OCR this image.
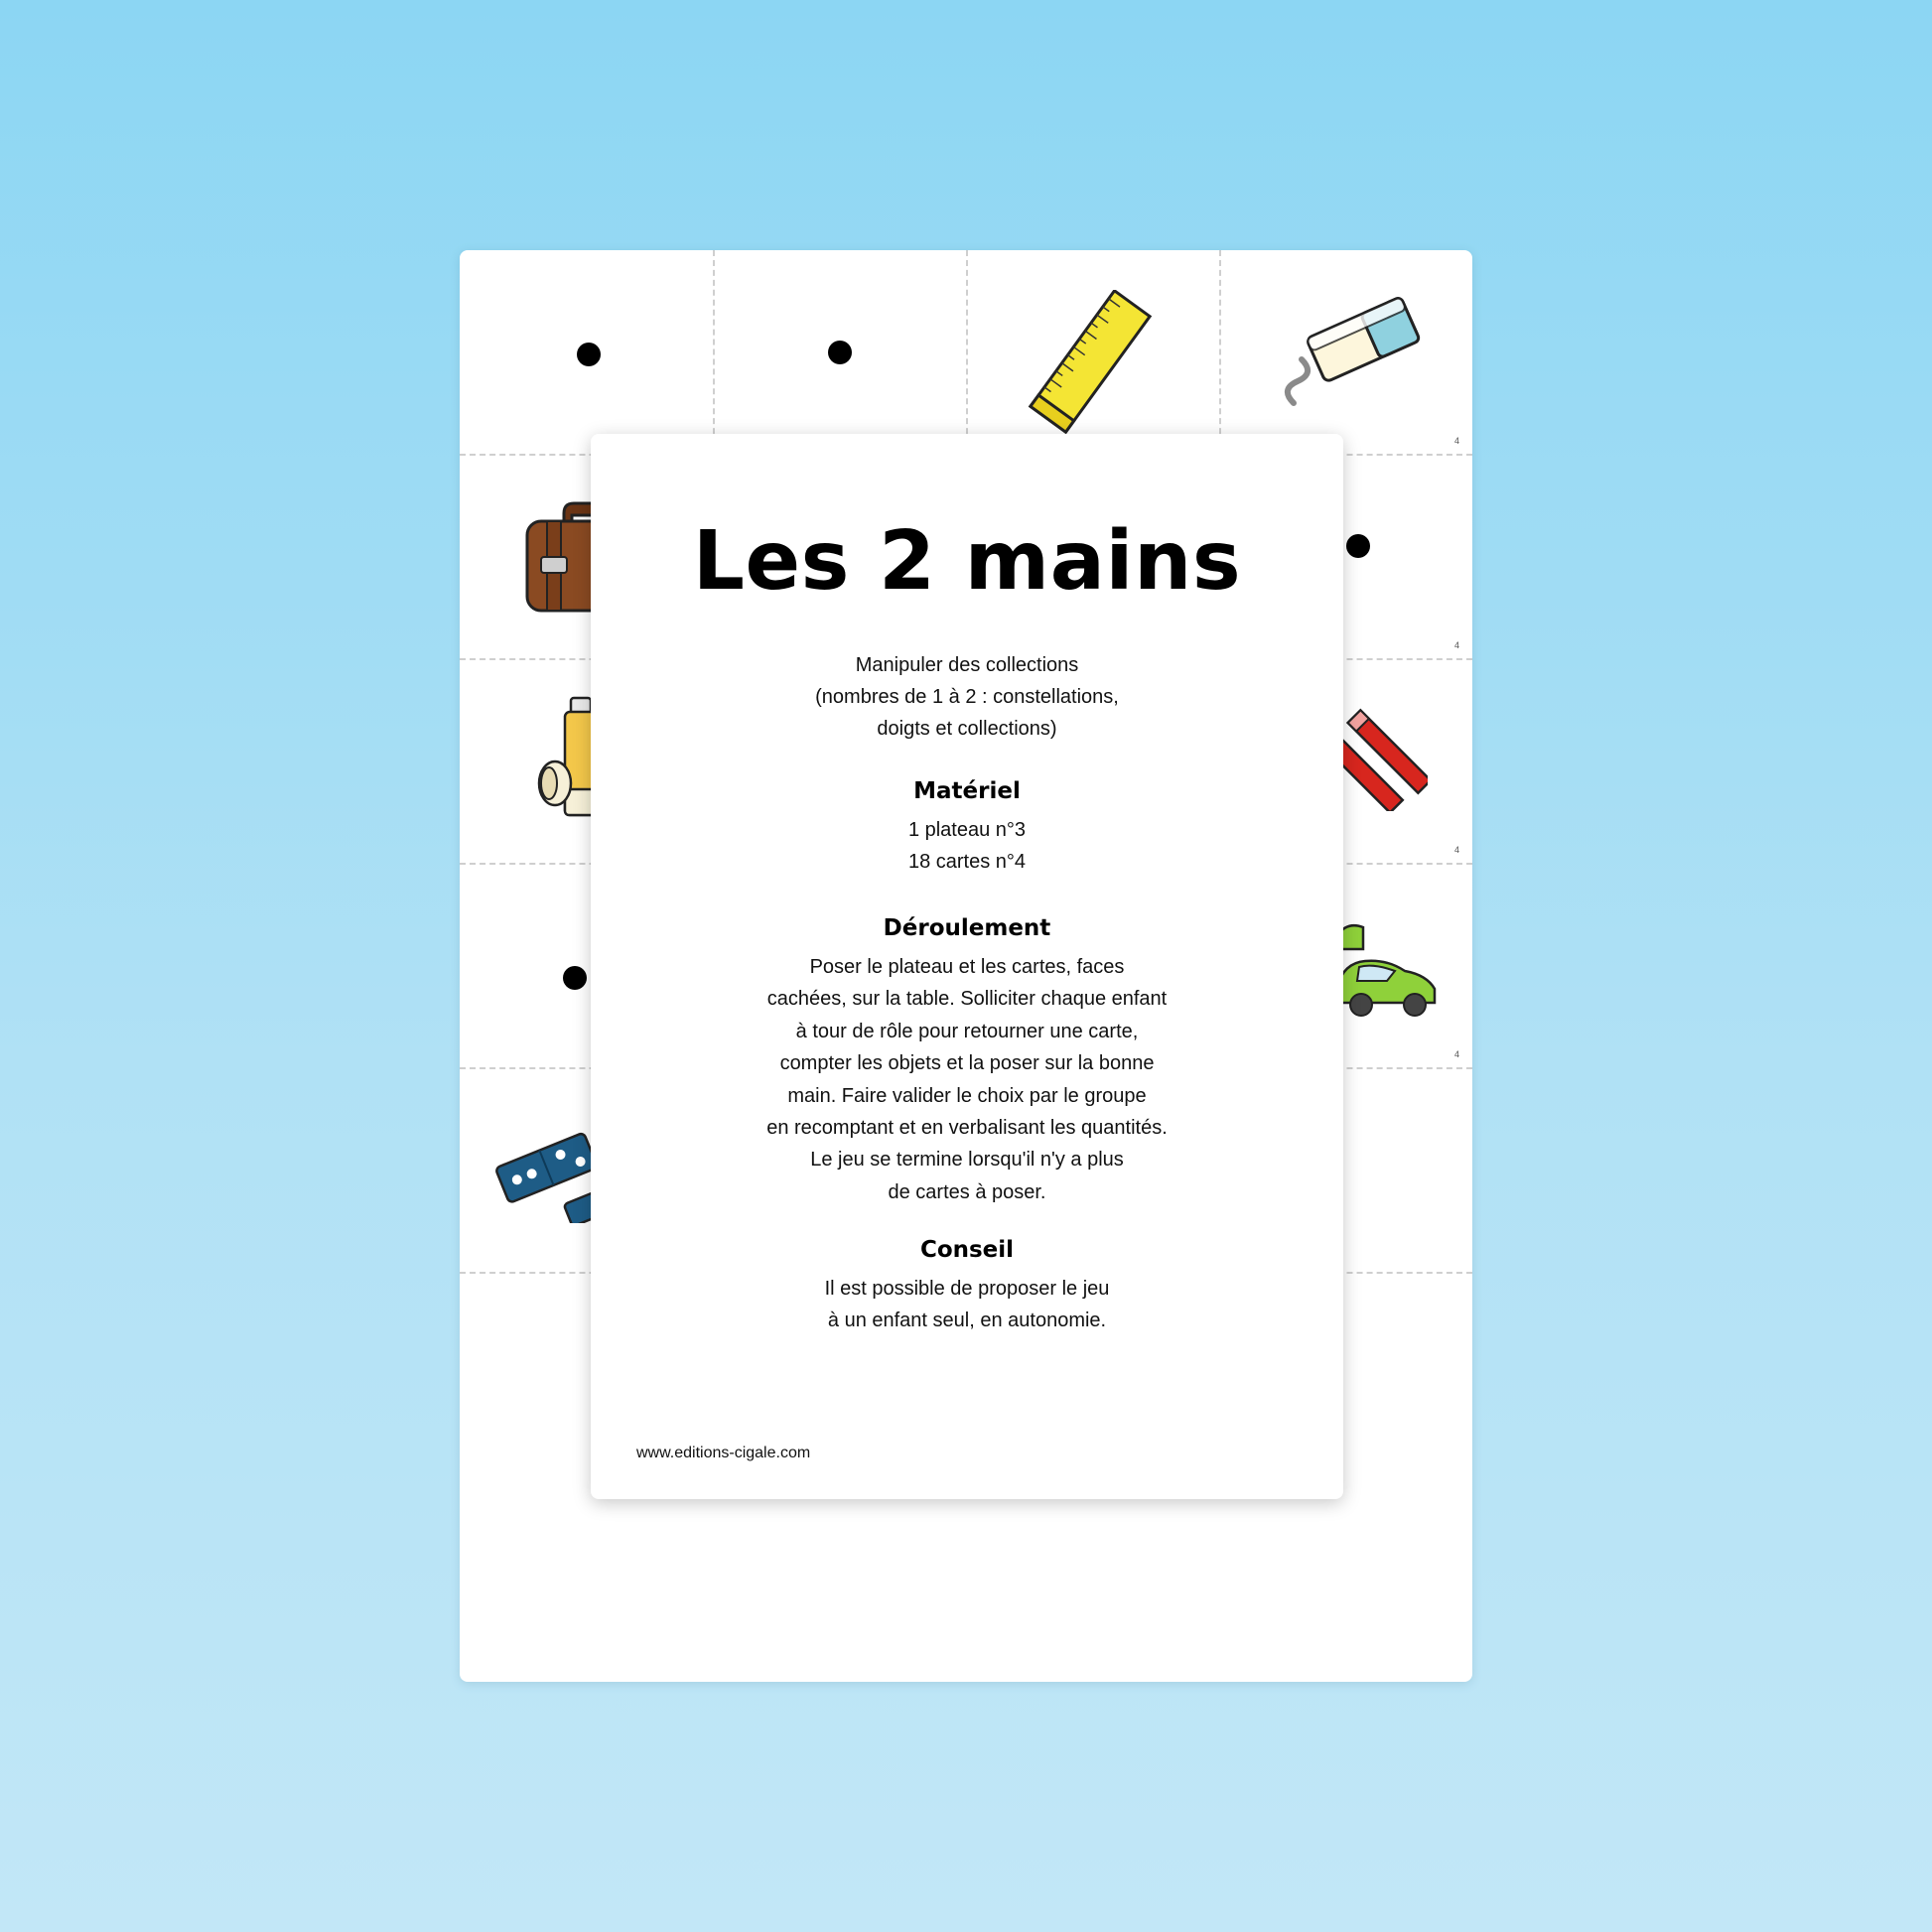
4
4
4
4
Les 2 mains
Manipuler des collections
(nombres de 1 à 2 : constellations,
doigts et collections)
Matériel
1 plateau n°3
18 cartes n°4
Déroulement
Poser le plateau et les cartes, faces
cachées, sur la table. Solliciter chaque enfant
à tour de rôle pour retourner une carte,
compter les objets et la poser sur la bonne
main. Faire valider le choix par le groupe
en recomptant et en verbalisant les quantités.
Le jeu se termine lorsqu'il n'y a plus
de cartes à poser.
Conseil
Il est possible de proposer le jeu
à un enfant seul, en autonomie.
www.editions-cigale.com
